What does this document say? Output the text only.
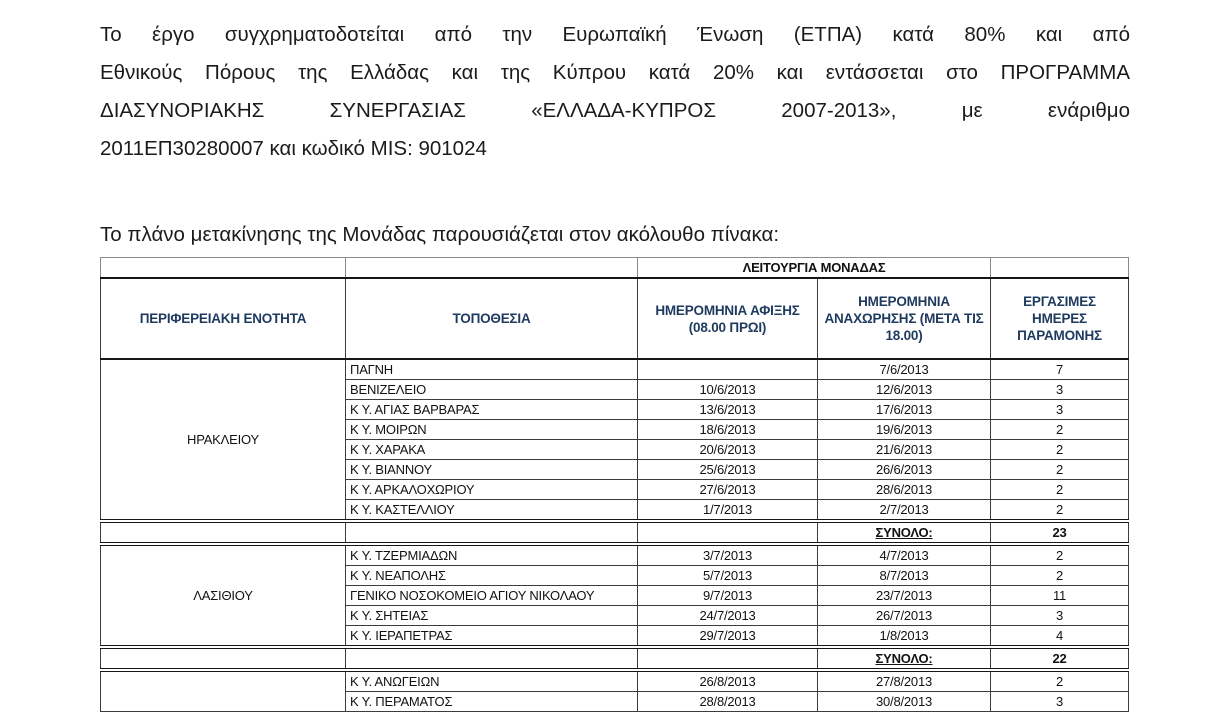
Το έργο συγχρηματοδοτείται από την Ευρωπαϊκή Ένωση (ΕΤΠΑ) κατά 80% και από
Εθνικούς Πόρους της Ελλάδας και της Κύπρου κατά 20% και εντάσσεται στο ΠΡΟΓΡΑΜΜΑ
ΔΙΑΣΥΝΟΡΙΑΚΗΣ ΣΥΝΕΡΓΑΣΙΑΣ «ΕΛΛΑΔΑ-ΚΥΠΡΟΣ 2007-2013», με ενάριθμο
2011ΕΠ30280007 και κωδικό MIS: 901024
Το πλάνο μετακίνησης της Μονάδας παρουσιάζεται στον ακόλουθο πίνακα:
		ΛΕΙΤΟΥΡΓΙΑ ΜΟΝΑΔΑΣ		
ΠΕΡΙΦΕΡΕΙΑΚΗ ΕΝΟΤΗΤΑ	ΤΟΠΟΘΕΣΙΑ	ΗΜΕΡΟΜΗΝΙΑ ΑΦΙΞΗΣ (08.00 ΠΡΩΙ)	ΗΜΕΡΟΜΗΝΙΑ ΑΝΑΧΩΡΗΣΗΣ (ΜΕΤΑ ΤΙΣ 18.00)	ΕΡΓΑΣΙΜΕΣ ΗΜΕΡΕΣ ΠΑΡΑΜΟΝΗΣ
ΗΡΑΚΛΕΙΟΥ	ΠΑΓΝΗ		7/6/2013	7
	ΒΕΝΙΖΕΛΕΙΟ	10/6/2013	12/6/2013	3
	Κ Υ. ΑΓΙΑΣ ΒΑΡΒΑΡΑΣ	13/6/2013	17/6/2013	3
	Κ Υ. ΜΟΙΡΩΝ	18/6/2013	19/6/2013	2
	Κ Υ. ΧΑΡΑΚΑ	20/6/2013	21/6/2013	2
	Κ Υ. ΒΙΑΝΝΟΥ	25/6/2013	26/6/2013	2
	Κ Υ. ΑΡΚΑΛΟΧΩΡΙΟΥ	27/6/2013	28/6/2013	2
	Κ Υ. ΚΑΣΤΕΛΛΙΟΥ	1/7/2013	2/7/2013	2
			ΣΥΝΟΛΟ:	23
ΛΑΣΙΘΙΟΥ	Κ Υ. ΤΖΕΡΜΙΑΔΩΝ	3/7/2013	4/7/2013	2
	Κ Υ. ΝΕΑΠΟΛΗΣ	5/7/2013	8/7/2013	2
	ΓΕΝΙΚΟ ΝΟΣΟΚΟΜΕΙΟ ΑΓΙΟΥ ΝΙΚΟΛΑΟΥ	9/7/2013	23/7/2013	11
	Κ Υ. ΣΗΤΕΙΑΣ	24/7/2013	26/7/2013	3
	Κ Υ. ΙΕΡΑΠΕΤΡΑΣ	29/7/2013	1/8/2013	4
			ΣΥΝΟΛΟ:	22
	Κ Υ. ΑΝΩΓΕΙΩΝ	26/8/2013	27/8/2013	2
	Κ Υ. ΠΕΡΑΜΑΤΟΣ	28/8/2013	30/8/2013	3
